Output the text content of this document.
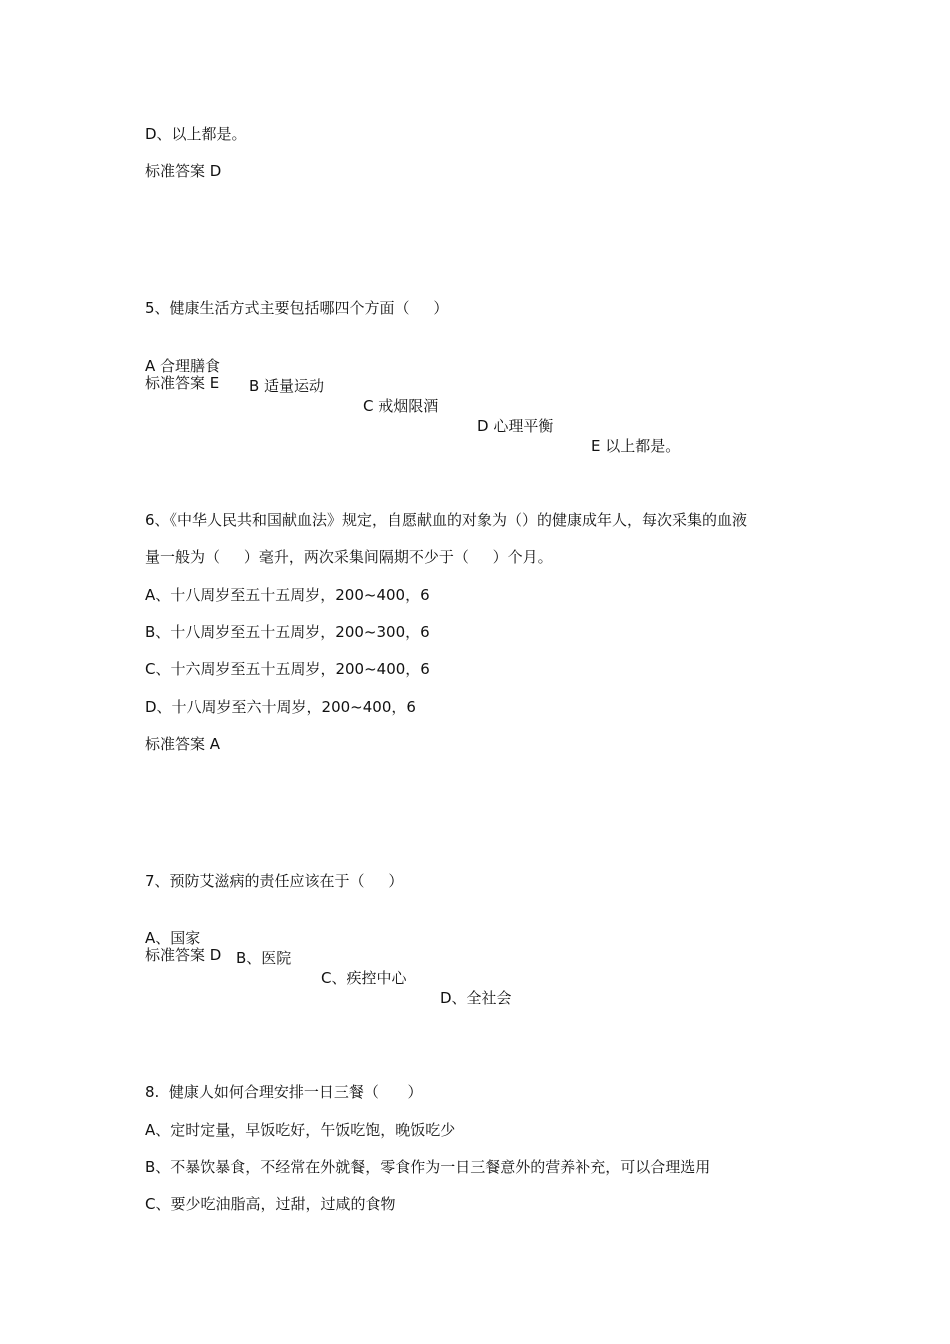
D、以上都是。
标准答案 D
5、健康生活方式主要包括哪四个方面（     ）

A 合理膳食

B 适量运动

C 戒烟限酒

D 心理平衡

E 以上都是。

标准答案 E
6、《中华人民共和国献血法》规定，自愿献血的对象为（）的健康成年人，每次采集的血液
量一般为（     ）毫升，两次采集间隔期不少于（     ）个月。
A、十八周岁至五十五周岁，200~400，6
B、十八周岁至五十五周岁，200~300，6
C、十六周岁至五十五周岁，200~400，6
D、十八周岁至六十周岁，200~400，6
标准答案 A
7、预防艾滋病的责任应该在于（     ）

A、国家

B、医院

C、疾控中心

D、全社会

标准答案 D
8.  健康人如何合理安排一日三餐（      ）
A、定时定量，早饭吃好，午饭吃饱，晚饭吃少
B、不暴饮暴食，不经常在外就餐，零食作为一日三餐意外的营养补充，可以合理选用
C、要少吃油脂高，过甜，过咸的食物
